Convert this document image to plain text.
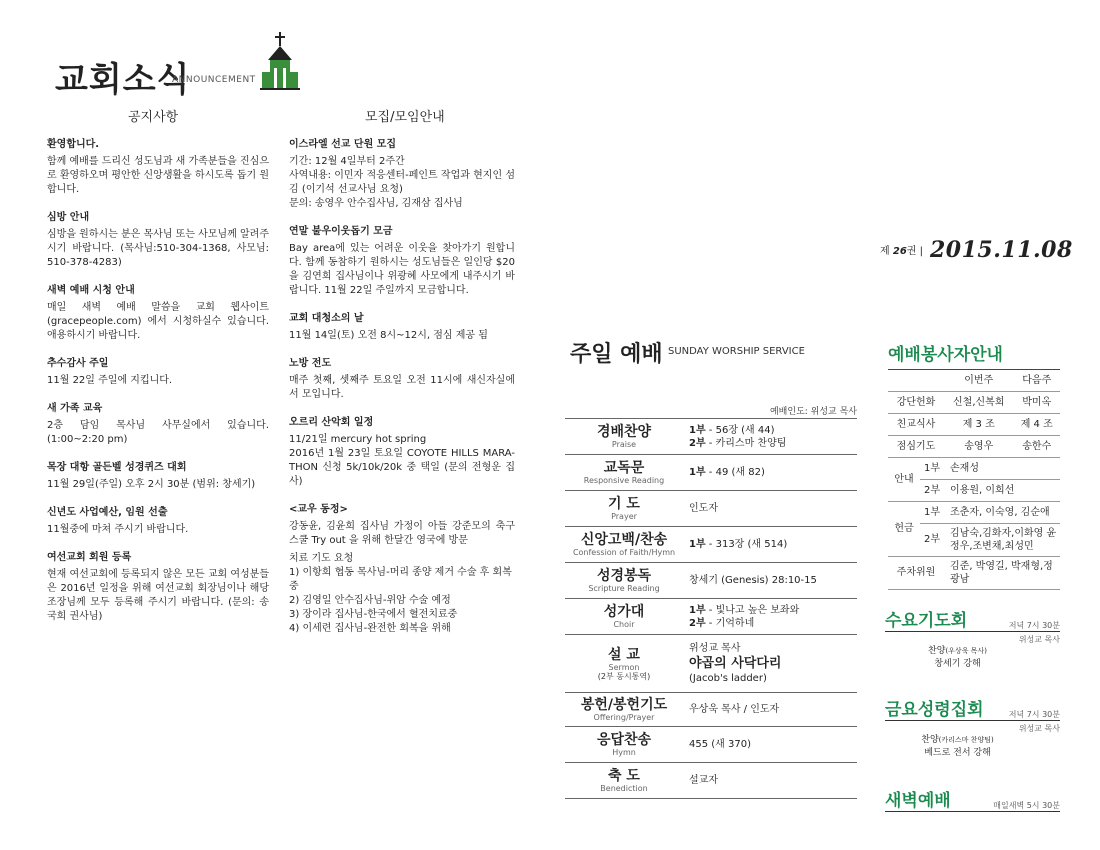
교회소식
ANNOUNCEMENT
공지사항	모집/모임안내
환영합니다.

함께 예배를 드리신 성도님과 새 가족분들을 진심으로 환영하오며 평안한 신앙생활을 하시도록 돕기 원합니다.

심방 안내

심방을 원하시는 분은 목사님 또는 사모님께 알려주시기 바랍니다. (목사님:510-304-1368, 사모님: 510-378-4283)

새벽 예배 시청 안내

매일 새벽 예배 말씀을 교회 웹사이트 (gracepeople.com) 에서 시청하실수 있습니다. 애용하시기 바랍니다.

추수감사 주일

11월 22일 주일에 지킵니다.

새 가족 교육

2층 담임 목사님 사무실에서 있습니다. (1:00~2:20 pm)

목장 대항 골든벨 성경퀴즈 대회

11월 29일(주일) 오후 2시 30분 (범위: 창세기)

신년도 사업예산, 임원 선출

11월중에 마쳐 주시기 바랍니다.

여선교회 회원 등록

현재 여선교회에 등록되지 않은 모든 교회 여성분들은 2016년 일정을 위해 여선교회 회장님이나 해당 조장님께 모두 등록해 주시기 바랍니다. (문의: 송국희 권사님)

이스라엘 선교 단원 모집

기간: 12월 4일부터 2주간
사역내용: 이민자 적응센터-페인트 작업과 현지인 섬김 (이기석 선교사님 요청)
문의: 송영우 안수집사님, 김재삼 집사님

연말 불우이웃돕기 모금

Bay area에 있는 어려운 이웃을 찾아가기 원합니다. 함께 동참하기 원하시는 성도님들은 일인당 $20을 김연희 집사님이나 위광혜 사모에게 내주시기 바랍니다. 11월 22일 주일까지 모금합니다.

교회 대청소의 날

11월 14일(토) 오전 8시~12시, 점심 제공 됨

노방 전도

매주 첫째, 셋째주 토요일 오전 11시에 새신자실에서 모입니다.

오르리 산악회 일정

11/21일 mercury hot spring
2016년 1월 23일 토요일 COYOTE HILLS MARA-THON 신청 5k/10k/20k 중 택일 (문의 전형운 집사)

<교우 동정>

강동윤, 김윤희 집사님 가정이 아들 강준모의 축구 스쿨 Try out 을 위해 한달간 영국에 방문

치료 기도 요청
1) 이항희 협동 목사님-머리 종양 제거 수술 후 회복 중
2) 김영일 안수집사님-위암 수술 예정
3) 장이라 집사님-한국에서 혈전치료중
4) 이세련 집사님-완전한 회복을 위해
제 26권 | 2015.11.08
주일 예배 SUNDAY WORSHIP SERVICE
예배인도: 위성교 목사
경배찬양
Praise	1부 - 56장 (새 44)
2부 - 카리스마 찬양팀

교독문
Responsive Reading	1부 - 49 (새 82)

기 도
Prayer	인도자

신앙고백/찬송
Confession of Faith/Hymn	1부 - 313장 (새 514)

성경봉독
Scripture Reading	창세기 (Genesis) 28:10-15

성가대
Choir	1부 - 빛나고 높은 보좌와
2부 - 기억하네

설 교
Sermon
(2부 동시통역)	위성교 목사
야곱의 사닥다리
(Jacob's ladder)

봉헌/봉헌기도
Offering/Prayer	우상욱 목사 / 인도자

응답찬송
Hymn	455 (새 370)

축 도
Benediction	설교자
예배봉사자안내
		이번주	다음주
강단헌화		신철,신복희	박미옥
친교식사		제 3 조	제 4 조
점심기도		송영우	송한수
안내	1부	손재성	
	2부	이용원, 이희선	
헌금	1부	조춘자, 이숙영, 김순애	
	2부	김남숙,김화자,이화영 윤정우,조변채,최성민	
주차위원		김준, 박영길, 박재형,정광남	
수요기도회	저녁 7시 30분
위성교 목사
찬양(우상욱 목사)
창세기 강해
금요성령집회	저녁 7시 30분
위성교 목사
찬양(카리스마 찬양팀)
베드로 전서 강해
새벽예배	매일새벽 5시 30분
